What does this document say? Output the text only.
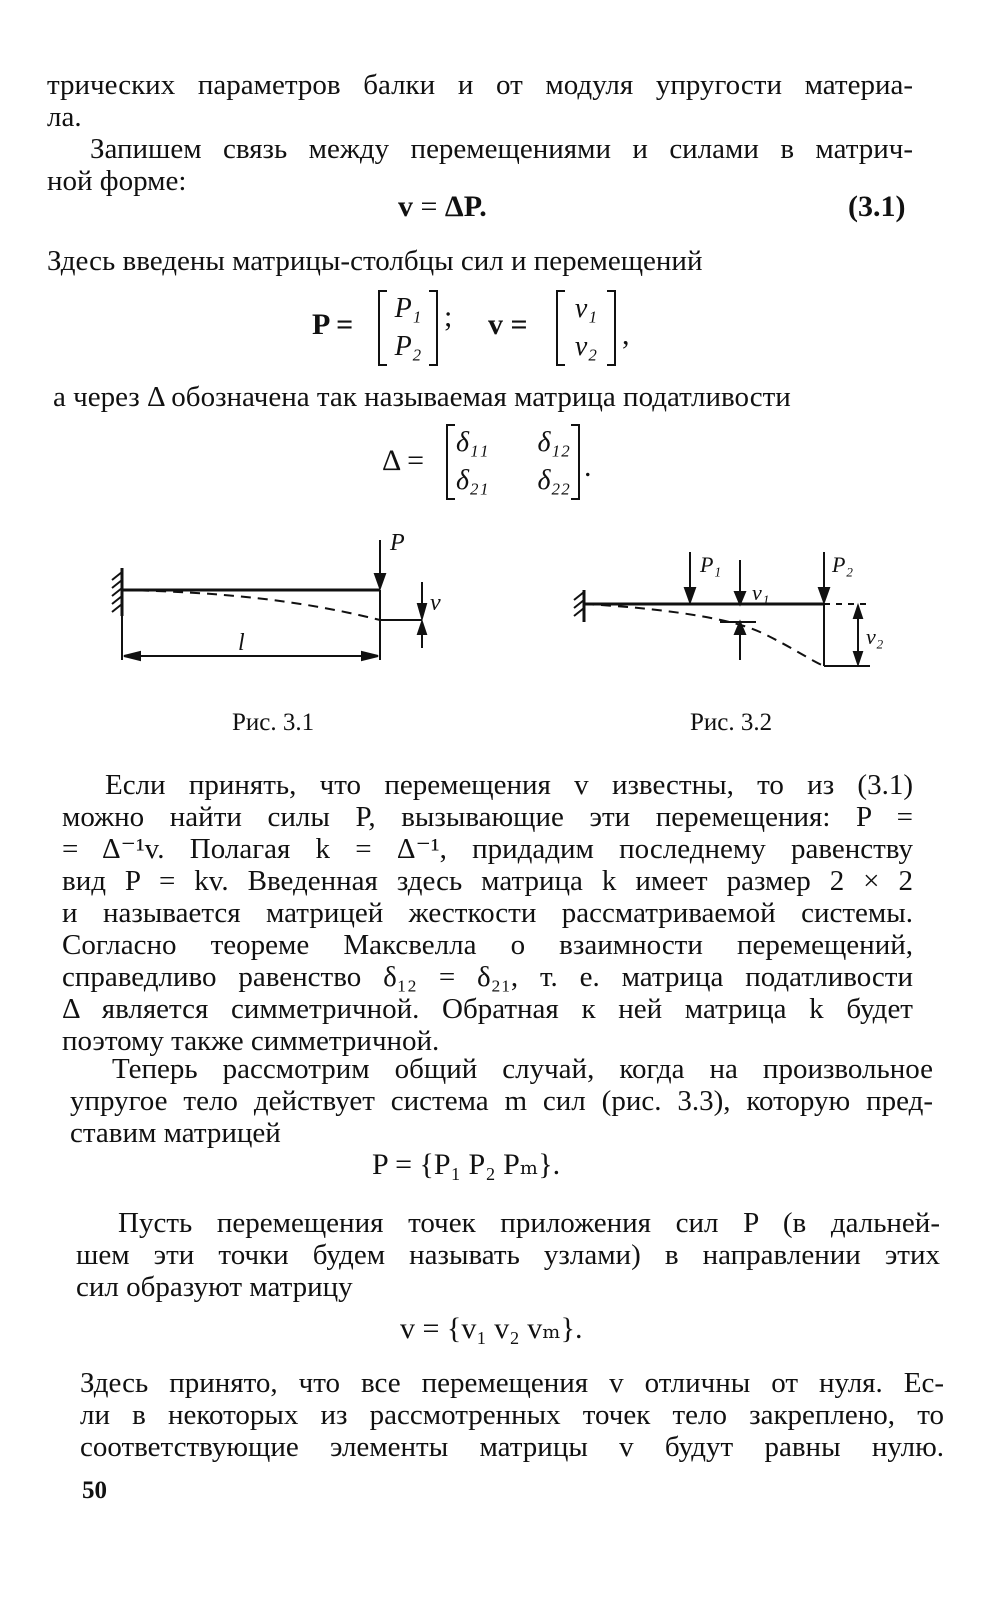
трических параметров балки и от модуля упругости материа-
ла.
Запишем связь между перемещениями и силами в матрич-
ной форме:
v = ΔP.	(3.1)
Здесь введены матрицы-столбцы сил и перемещений
P = P₁
P₂
; v =	v₁
v₂ ,
а через Δ обозначена так называемая матрица податливости
Δ =
δ₁₁ δ₁₂
δ₂₁ δ₂₂ .
P
v
l
Рис. 3.1
P₁
v₁
P₂
v₂
Рис. 3.2
Если принять, что перемещения v известны, то из (3.1)
можно найти силы P, вызывающие эти перемещения: P =
= Δ⁻¹v. Полагая k = Δ⁻¹, придадим последнему равенству
вид P = kv. Введенная здесь матрица k имеет размер 2 × 2
и называется матрицей жесткости рассматриваемой системы.
Согласно теореме Максвелла о взаимности перемещений,
справедливо равенство δ₁₂ = δ₂₁, т. е. матрица податливости
Δ является симметричной. Обратная к ней матрица k будет
поэтому также симметричной.
Теперь рассмотрим общий случай, когда на произвольное
упругое тело действует система m сил (рис. 3.3), которую пред-
ставим матрицей
P = {P₁ P₂ Pₘ}.
Пусть перемещения точек приложения сил P (в дальней-
шем эти точки будем называть узлами) в направлении этих
сил образуют матрицу
v = {v₁ v₂ vₘ}.
Здесь принято, что все перемещения v отличны от нуля. Ес-
ли в некоторых из рассмотренных точек тело закреплено, то
соответствующие элементы матрицы v будут равны нулю.
50
